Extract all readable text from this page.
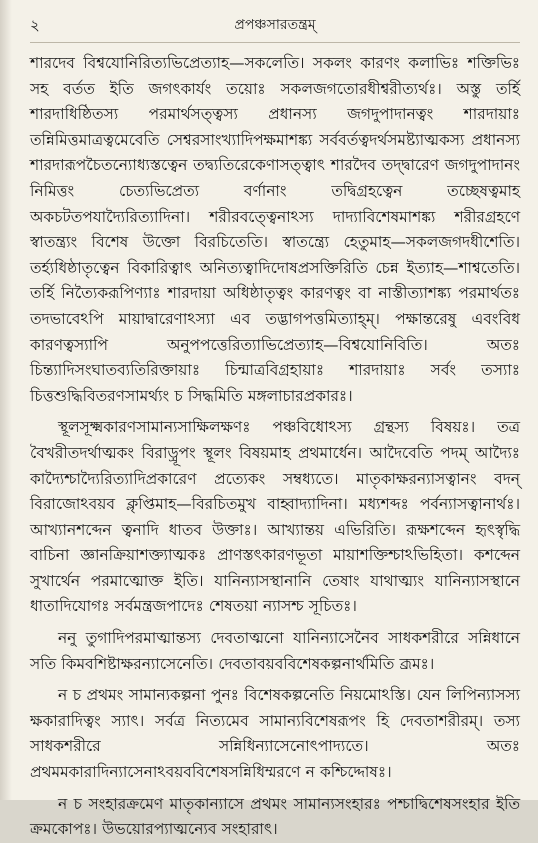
২	প্রপঞ্চসারতন্ত্রম্

শারদেব বিশ্বযোনিরিত্যভিপ্রেত্যাহ—সকলেতি। সকলং কারণং কলাভিঃ শক্তিভিঃ সহ বর্তত ইতি জগৎকার্যং তয়োঃ সকলজগতোরধীশ্বরীত্যর্থঃ। অস্তু তর্হি শারদাধিষ্ঠিতস্য পরমার্থসত্ত্বস্য প্রধানস্য জগদুপাদানত্বং শারদায়াঃ তন্নিমিত্তমাত্রত্বমেবেতি সেশ্বরসাংখ্যাদিপক্ষমাশঙ্ক্য সর্ববর্তত্বদর্থসমষ্ট্যাত্মকস্য প্রধানস্য শারদারূপচৈতন্যোধ্যস্তত্বেন তদ্ব্যতিরেকেণাসত্ত্বাৎ শারদৈব তদ্দ্বারেণ জগদুপাদানং নিমিত্তং চেত্যভিপ্রেত্য বর্ণানাং তদ্বিগ্রহত্বেন তচ্ছেষত্বমাহ অকচটতপযাদ্যৈরিত্যাদিনা। শরীরবত্ত্বেনাঽস্য দাদ্যাবিশেষমাশঙ্ক্য শরীরগ্রহণে স্বাতন্ত্র্যং বিশেষ উক্তো বিরচিতেতি। স্বাতন্ত্র্যে হেতুমাহ—সকলজগদধীশেতি। তর্হ্যধিষ্ঠাতৃত্বেন বিকারিত্বাৎ অনিত্যত্বাদিদোষপ্রসক্তিরিতি চেন্ন ইত্যাহ—শাশ্বতেতি। তর্হি নিত্যৈকরূপিণ্যাঃ শারদায়া অধিষ্ঠাতৃত্বং কারণত্বং বা নাস্তীত্যাশঙ্ক্য পরমার্থতঃ তদভাবেঽপি মায়াদ্বারেণাঽস্যা এব তদ্ভাগপত্তমিত্যাহ্ম্। পক্ষান্তরেষু এবংবিধ কারণত্বস্যাপি অনুপপত্তেরিত্যাভিপ্রেত্যাহ—বিশ্বযোনিবিতি। অতঃ চিন্ত্যাদিসংঘাতব্যতিরিক্তায়াঃ চিন্মাত্রবিগ্রহায়াঃ শারদায়াঃ সর্বং তস্যাঃ চিত্তশুদ্ধিবিতরণসামর্থ্যং চ সিদ্ধমিতি মঙ্গলাচারপ্রকারঃ।

স্থূলসূক্ষ্মকারণসামান্যসাক্ষিলক্ষণঃ পঞ্চবিধোঽস্য গ্রন্থস্য বিষয়ঃ। তত্র বৈখরীতদর্থাত্মকং বিরাড়্রূপং স্থূলং বিষয়মাহ প্রথমার্ধেন। আদৈবেতি পদম্ আদ্যৈঃ কাদ্যৈশ্চাদ্যৈরিত্যাদিপ্রকারেণ প্রত্যেকং সম্বধ্যতে। মাতৃকাক্ষরন্যাসত্বানং বদন্ বিরাজোঽবয়ব ক্লৃপ্তিমাহ—বিরচিতমুখ বাহ্বাদ্যাদিনা। মধ্যশব্দঃ পর্বন্যাসত্বানার্থঃ। আখ্যানশব্দেন ত্বনাদি ধাতব উক্তাঃ। আখ্যান্তয় এভিরিতি। রূক্ষশব্দেন হৃৎস্বৃদ্ধি বাচিনা জ্ঞানক্রিয়াশক্ত্যাত্মকঃ প্রাণস্তৎকারণভূতা মায়াশক্তিশ্চাঽভিহিতা। কশব্দেন সুখার্থেন পরমাত্মোক্ত ইতি। যানিন্যাসস্থানানি তেষাং যাথাত্ম্যং যানিন্যাসস্থানে ধাতাদিযোগঃ সর্বমন্ত্রজপাদেঃ শেষতয়া ন্যাসশ্চ সূচিতঃ।

ননু তুগাদিপরমাত্মান্তস্য দেবতাত্মনো যানিন্যাসেনৈব সাধকশরীরে সন্নিধানে সতি কিমবশিষ্টাক্ষরন্যাসেনেতি। দেবতাবয়ববিশেষকল্পনার্থমিতি ব্রূমঃ।

ন চ প্রথমং সামান্যকল্পনা পুনঃ বিশেষকল্পনেতি নিয়মোঽস্তি। যেন লিপিন্যাসস্য ক্ষকারাদিত্বং স্যাৎ। সর্বত্র নিত্যমেব সামান্যবিশেষরূপং হি দেবতাশরীরম্। তস্য সাধকশরীরে সন্নিধিন্যাসেনোৎপাদ্যতে। অতঃ প্রথমমকারাদিন্যাসেনাঽবয়ববিশেষসন্নিধিম্মরণে ন কশ্চিদ্দোষঃ।

ন চ সংহারক্রমেণ মাতৃকান্যাসে প্রথমং সামান্যসংহারঃ পশ্চাদ্বিশেষসংহার ইতি ক্রমকোপঃ। উভয়োরপ্যাত্মন্যেব সংহারাৎ।
